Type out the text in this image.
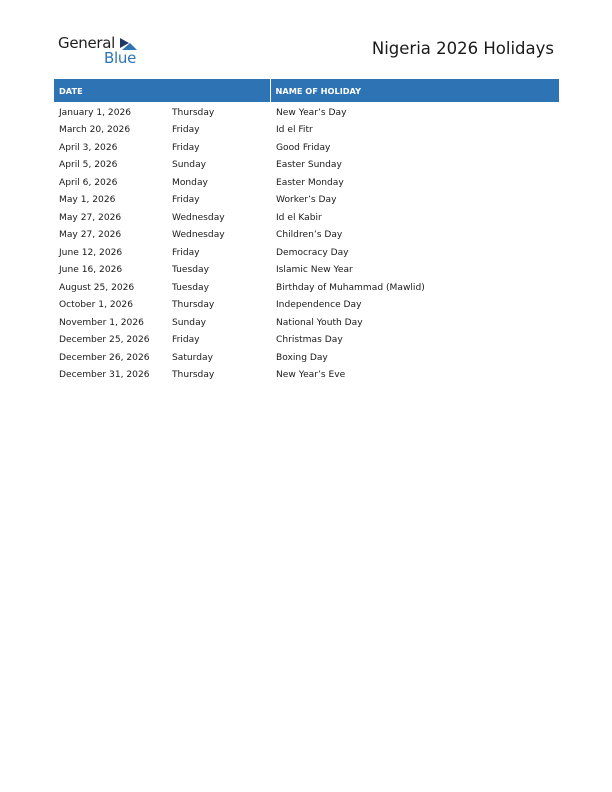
General
Blue	Nigeria 2026 Holidays
DATE		NAME OF HOLIDAY
January 1, 2026	Thursday	New Year’s Day
March 20, 2026	Friday	Id el Fitr
April 3, 2026	Friday	Good Friday
April 5, 2026	Sunday	Easter Sunday
April 6, 2026	Monday	Easter Monday
May 1, 2026	Friday	Worker’s Day
May 27, 2026	Wednesday	Id el Kabir
May 27, 2026	Wednesday	Children’s Day
June 12, 2026	Friday	Democracy Day
June 16, 2026	Tuesday	Islamic New Year
August 25, 2026	Tuesday	Birthday of Muhammad (Mawlid)
October 1, 2026	Thursday	Independence Day
November 1, 2026	Sunday	National Youth Day
December 25, 2026	Friday	Christmas Day
December 26, 2026	Saturday	Boxing Day
December 31, 2026	Thursday	New Year’s Eve
